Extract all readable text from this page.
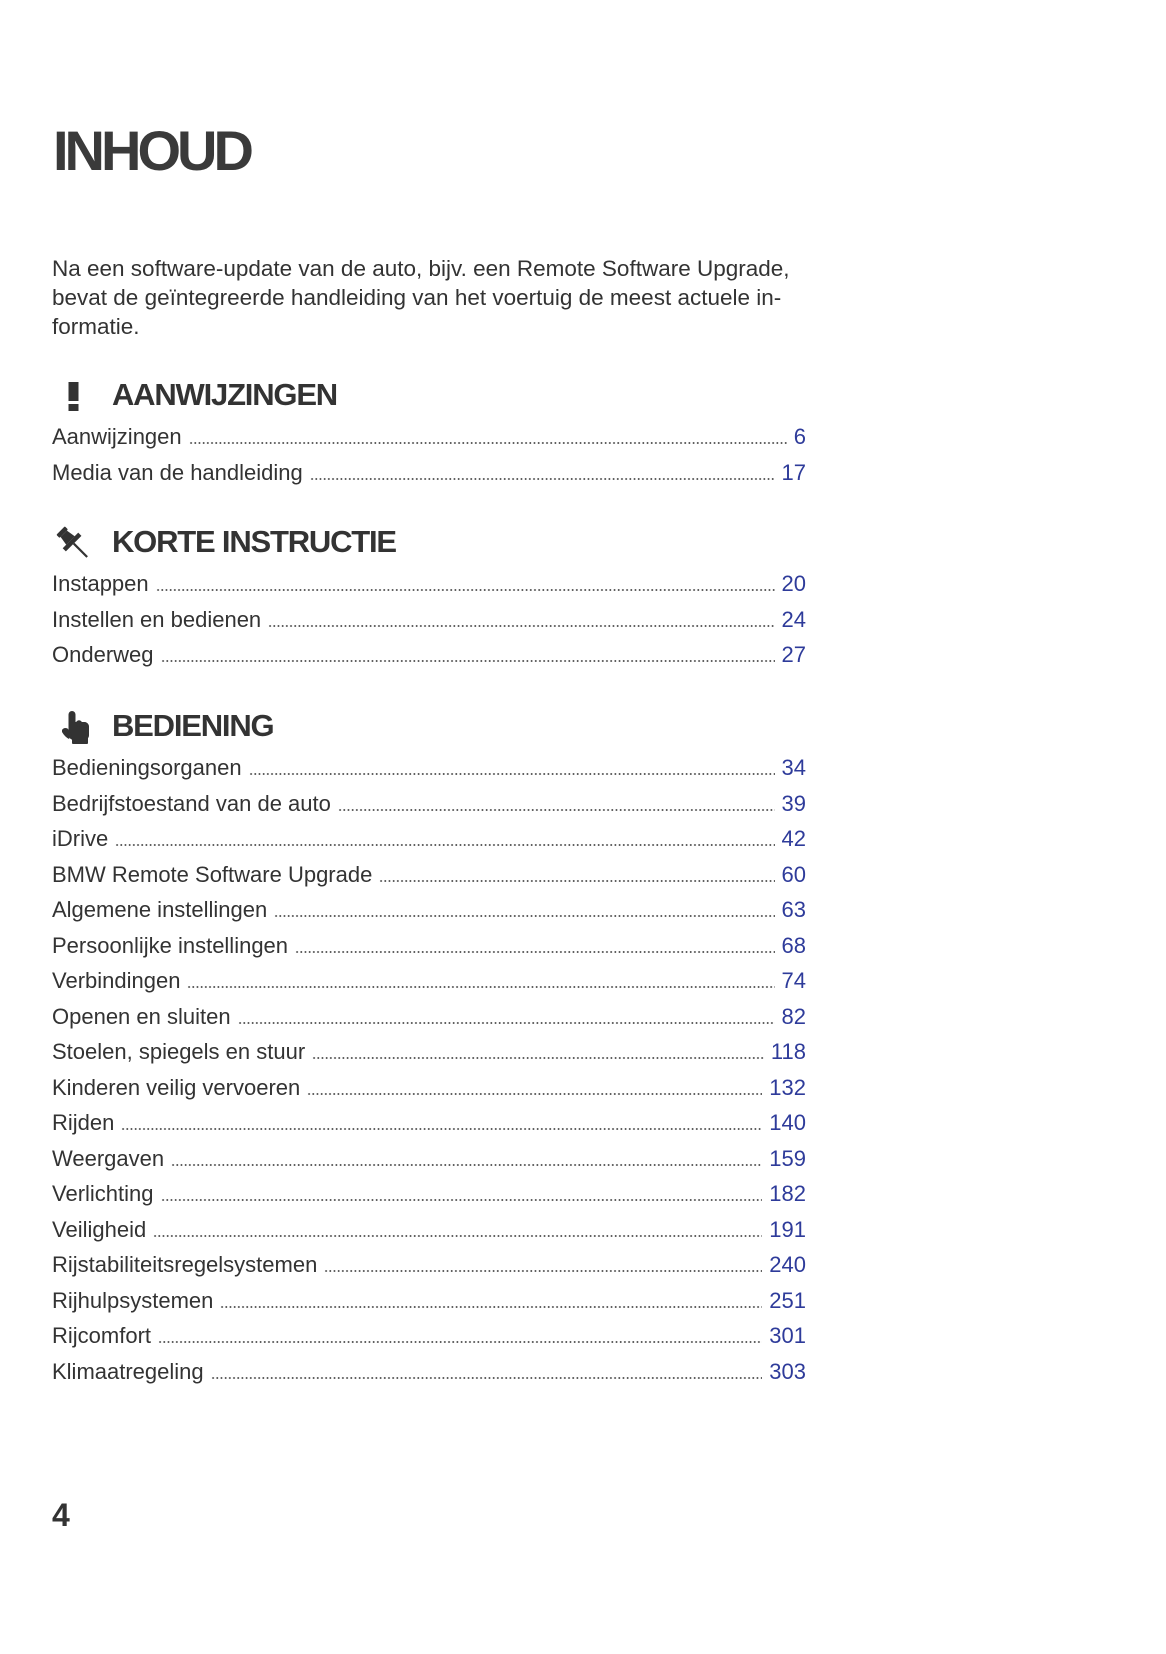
INHOUD
Na een software-update van de auto, bijv. een Remote Software Upgrade,
bevat de geïntegreerde handleiding van het voertuig de meest actuele in-
formatie.
AANWIJZINGEN
Aanwijzingen	6
Media van de handleiding	17
KORTE INSTRUCTIE
Instappen	20
Instellen en bedienen	24
Onderweg	27
BEDIENING
Bedieningsorganen	34
Bedrijfstoestand van de auto	39
iDrive	42
BMW Remote Software Upgrade	60
Algemene instellingen	63
Persoonlijke instellingen	68
Verbindingen	74
Openen en sluiten	82
Stoelen, spiegels en stuur	118
Kinderen veilig vervoeren	132
Rijden	140
Weergaven	159
Verlichting	182
Veiligheid	191
Rijstabiliteitsregelsystemen	240
Rijhulpsystemen	251
Rijcomfort	301
Klimaatregeling	303
4
